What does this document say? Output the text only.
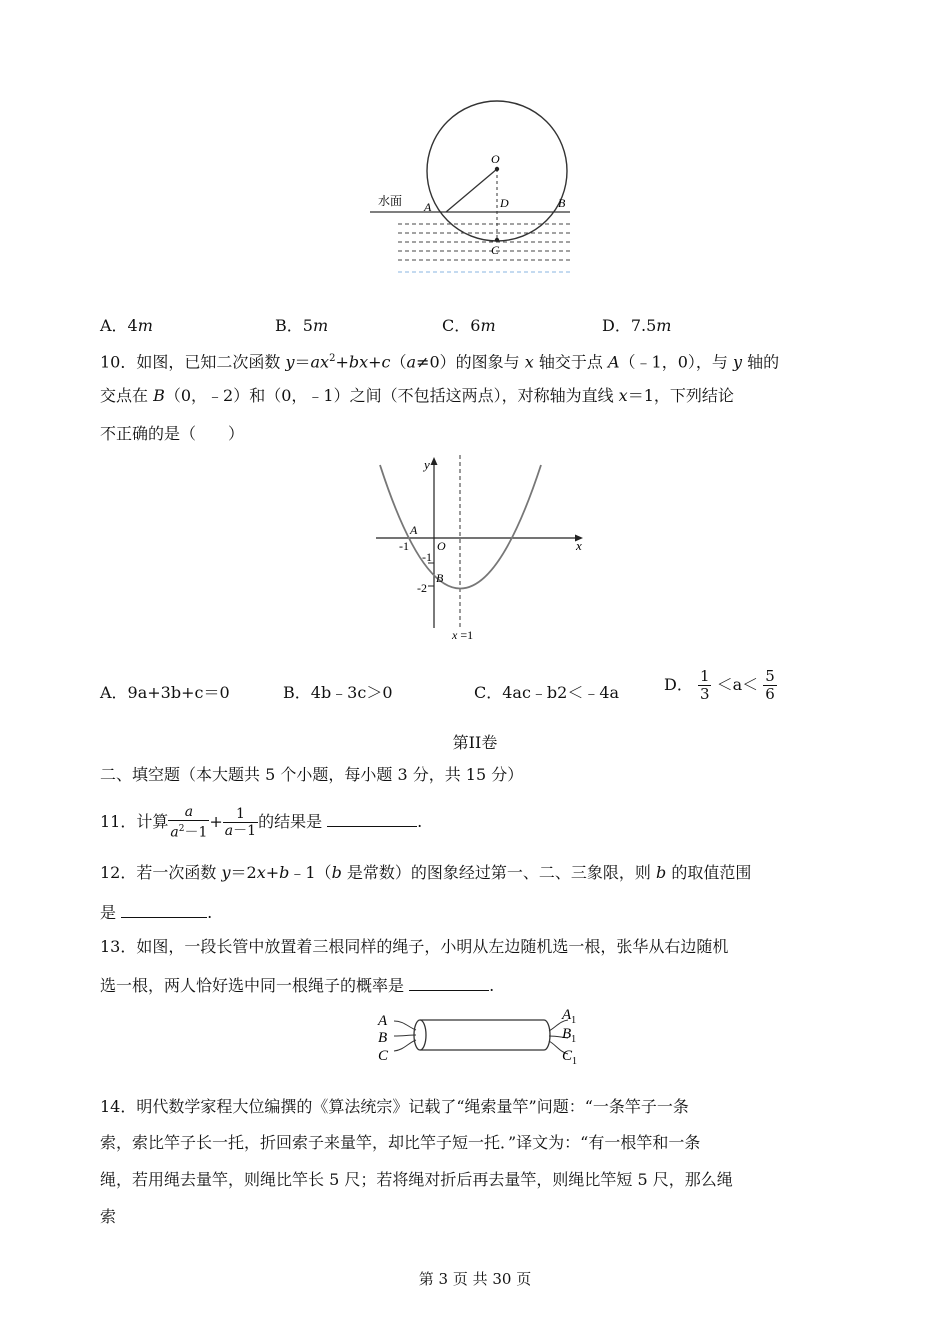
水面
O
A	D	B
C
A．4m	B．5m	C．6m	D．7.5m
10．如图，已知二次函数 $y=ax^2+bx+c(a\ne 0)$的图象与 x 轴交于点 A（﹣1，0），与 y 轴的
交点在 B（0，﹣2）和（0，﹣1）之间（不包括这两点），对称轴为直线 x＝1，下列结论
不正确的是（　　）
y
x
A
O
-1
-1
B
-2
x =1
A．9a+3b+c＝0	B．4b﹣3c＞0	C．4ac﹣b2＜﹣4a	D． $\frac{1}{3} <a< \frac{5}{6}$
第II卷
二、填空题（本大题共 5 个小题，每小题 3 分，共 15 分）
11．计算 $\frac{a}{a^2-1} + \frac{1}{a-1}$ 的结果是	.
12．若一次函数 y＝2x+b﹣1（b 是常数）的图象经过第一、二、三象限，则 b 的取值范围
是	.
13．如图，一段长管中放置着三根同样的绳子，小明从左边随机选一根，张华从右边随机
选一根，两人恰好选中同一根绳子的概率是	.
A
B
C
$A_1$
$B_1$
$C_1$
14．明代数学家程大位编撰的《算法统宗》记载了“绳索量竿”问题：“一条竿子一条
索，索比竿子长一托，折回索子来量竿，却比竿子短一托．”译文为：“有一根竿和一条
绳，若用绳去量竿，则绳比竿长 5 尺；若将绳对折后再去量竿，则绳比竿短 5 尺，那么绳
索
第 3 页 共 30 页
